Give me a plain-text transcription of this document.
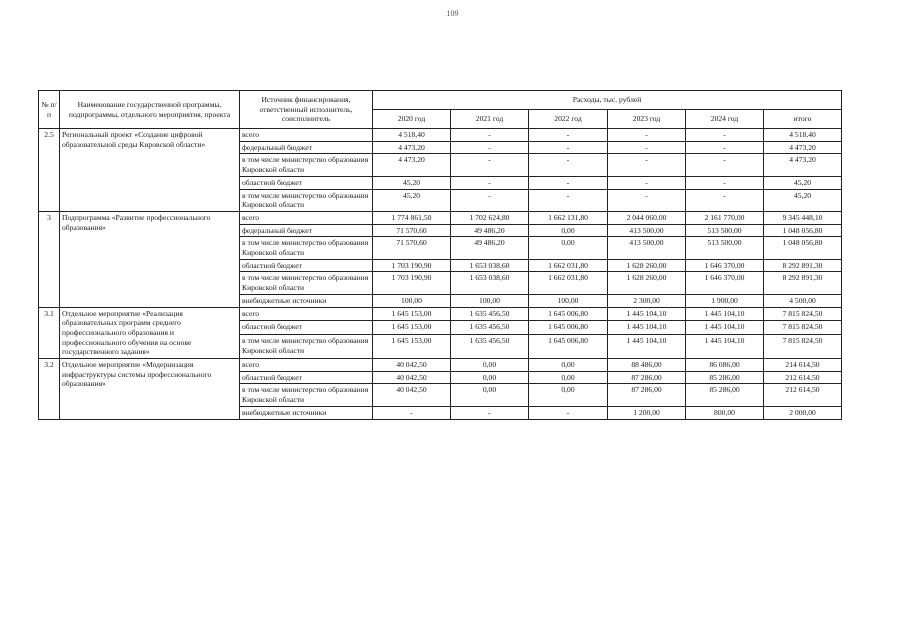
109
№ п/п	Наименование государственной программы, подпрограммы, отдельного мероприятия, проекта	Источник финансирования, ответственный исполнитель, соисполнитель	Расходы, тыс. рублей					
			2020 год	2021 год	2022 год	2023 год	2024 год	итого
2.5	Региональный проект «Создание цифровой образовательной среды Кировской области»	всего	4 518,40	-	-	-	-	4 518,40
		федеральный бюджет	4 473,20	-	-	-	-	4 473,20
		в том числе министерство образования Кировской области	4 473,20	-	-	-	-	4 473,20
		областной бюджет	45,20	-	-	-	-	45,20
		в том числе министерство образования Кировской области	45,20	-	-	-	-	45,20
3	Подпрограмма «Развитие профессионального образования»	всего	1 774 861,50	1 702 624,80	1 662 131,80	2 044 060,00	2 161 770,00	9 345 448,10
		федеральный бюджет	71 570,60	49 486,20	0,00	413 500,00	513 500,00	1 048 056,80
		в том числе министерство образования Кировской области	71 570,60	49 486,20	0,00	413 500,00	513 500,00	1 048 056,80
		областной бюджет	1 703 190,90	1 653 038,60	1 662 031,80	1 628 260,00	1 646 370,00	8 292 891,30
		в том числе министерство образования Кировской области	1 703 190,90	1 653 038,60	1 662 031,80	1 628 260,00	1 646 370,00	8 292 891,30
		внебюджетные источники	100,00	100,00	100,00	2 300,00	1 900,00	4 500,00
3.1	Отдельное мероприятие «Реализация образовательных программ среднего профессионального образования и профессионального обучения на основе государственного задания»	всего	1 645 153,00	1 635 456,50	1 645 006,80	1 445 104,10	1 445 104,10	7 815 824,50
		областной бюджет	1 645 153,00	1 635 456,50	1 645 006,80	1 445 104,10	1 445 104,10	7 815 824,50
		в том числе министерство образования Кировской области	1 645 153,00	1 635 456,50	1 645 006,80	1 445 104,10	1 445 104,10	7 815 824,50
3.2	Отдельное мероприятие «Модернизация инфраструктуры системы профессионального образования»	всего	40 042,50	0,00	0,00	88 486,00	86 086,00	214 614,50
		областной бюджет	40 042,50	0,00	0,00	87 286,00	85 286,00	212 614,50
		в том числе министерство образования Кировской области	40 042,50	0,00	0,00	87 286,00	85 286,00	212 614,50
		внебюджетные источники	-	-	-	1 200,00	800,00	2 000,00
